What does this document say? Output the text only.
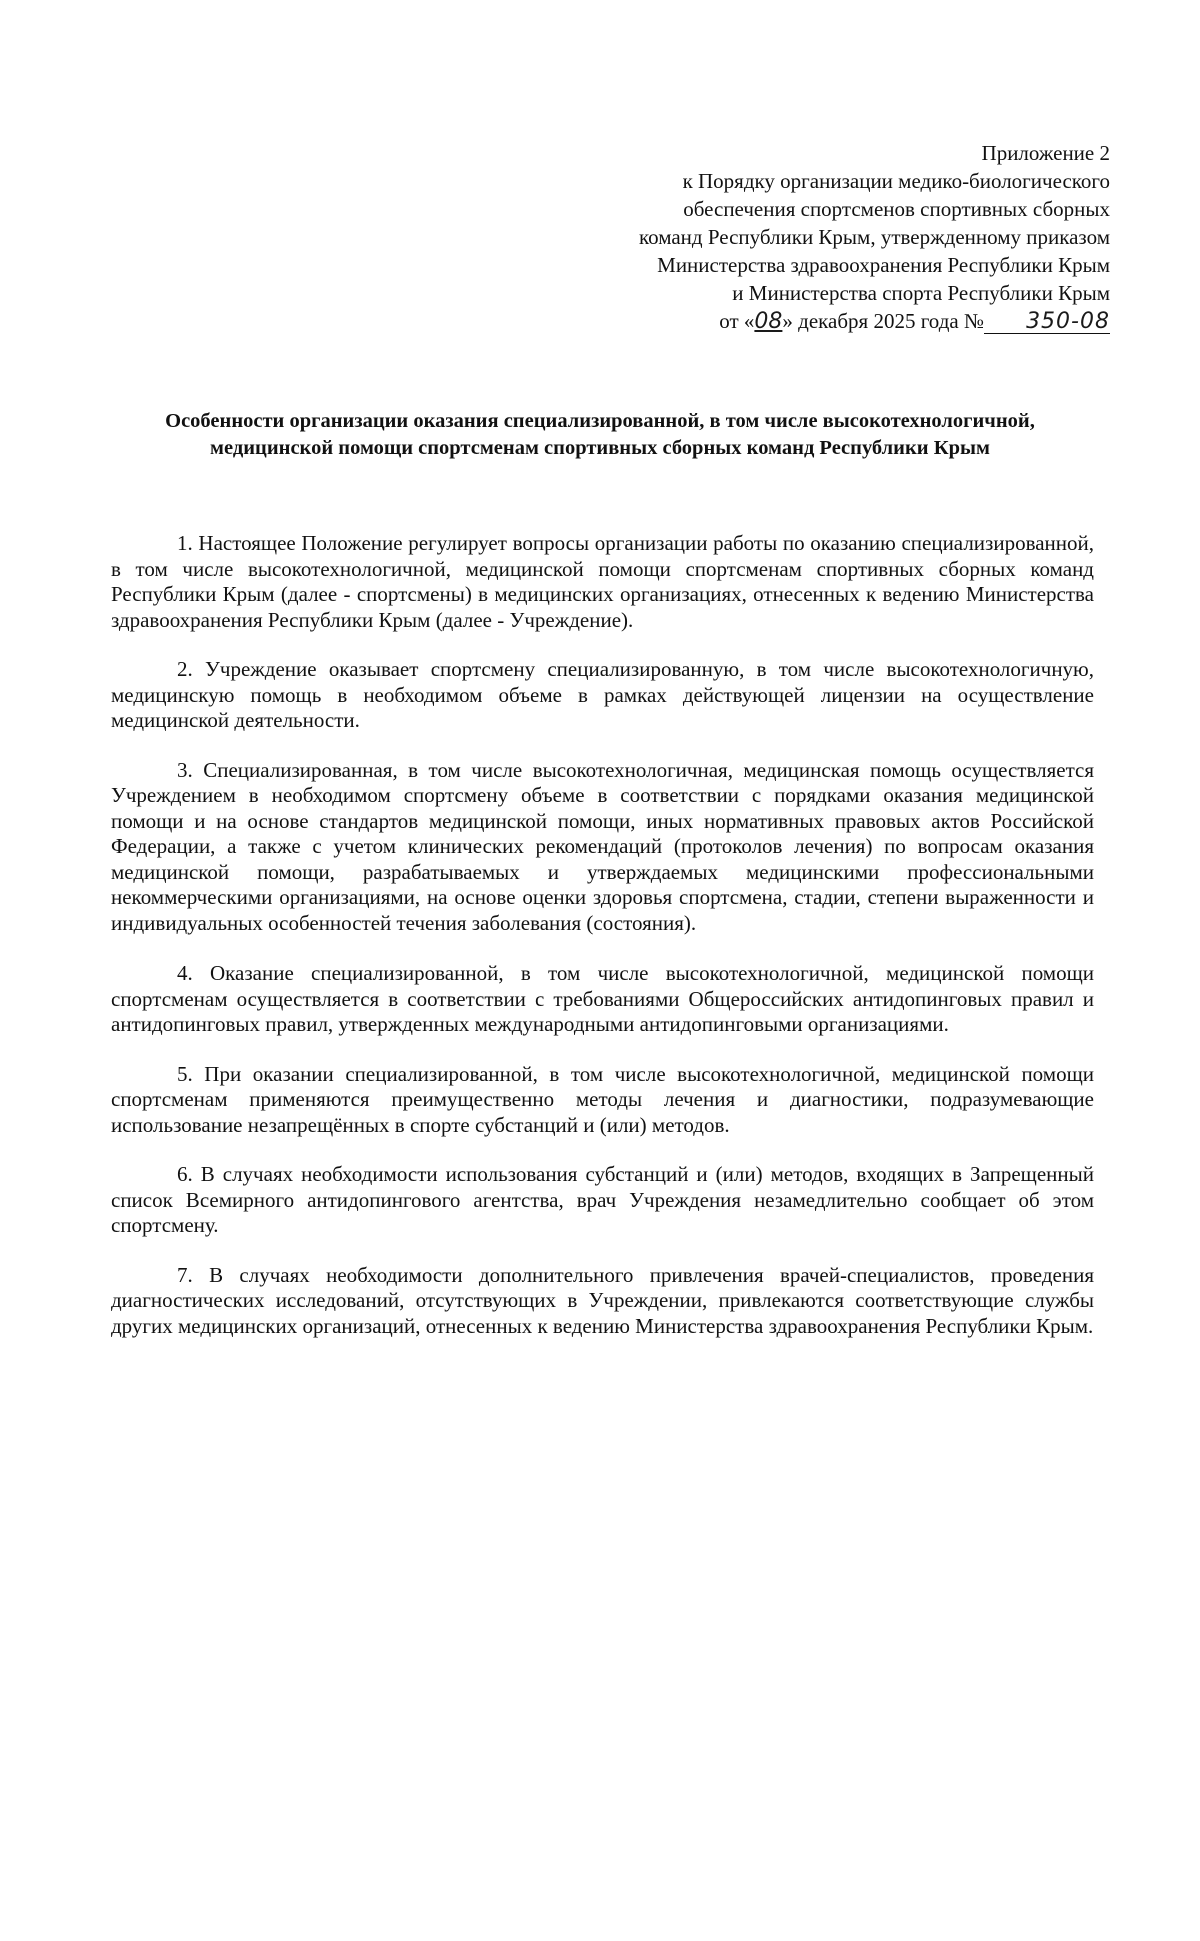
Приложение 2
к Порядку организации медико-биологического
обеспечения спортсменов спортивных сборных
команд Республики Крым, утвержденному приказом
Министерства здравоохранения Республики Крым
и Министерства спорта Республики Крым
от «08» декабря 2025 года № 350-08
Особенности организации оказания специализированной, в том числе высокотехнологичной,
медицинской помощи спортсменам спортивных сборных команд Республики Крым

1. Настоящее Положение регулирует вопросы организации работы по оказанию специализированной, в том числе высокотехнологичной, медицинской помощи спортсменам спортивных сборных команд Республики Крым (далее - спортсмены) в медицинских организациях, отнесенных к ведению Министерства здравоохранения Республики Крым (далее - Учреждение).

2. Учреждение оказывает спортсмену специализированную, в том числе высокотехнологичную, медицинскую помощь в необходимом объеме в рамках действующей лицензии на осуществление медицинской деятельности.

3. Специализированная, в том числе высокотехнологичная, медицинская помощь осуществляется Учреждением в необходимом спортсмену объеме в соответствии с порядками оказания медицинской помощи и на основе стандартов медицинской помощи, иных нормативных правовых актов Российской Федерации, а также с учетом клинических рекомендаций (протоколов лечения) по вопросам оказания медицинской помощи, разрабатываемых и утверждаемых медицинскими профессиональными некоммерческими организациями, на основе оценки здоровья спортсмена, стадии, степени выраженности и индивидуальных особенностей течения заболевания (состояния).

4. Оказание специализированной, в том числе высокотехнологичной, медицинской помощи спортсменам осуществляется в соответствии с требованиями Общероссийских антидопинговых правил и антидопинговых правил, утвержденных международными антидопинговыми организациями.

5. При оказании специализированной, в том числе высокотехнологичной, медицинской помощи спортсменам применяются преимущественно методы лечения и диагностики, подразумевающие использование незапрещённых в спорте субстанций и (или) методов.

6. В случаях необходимости использования субстанций и (или) методов, входящих в Запрещенный список Всемирного антидопингового агентства, врач Учреждения незамедлительно сообщает об этом спортсмену.

7. В случаях необходимости дополнительного привлечения врачей-специалистов, проведения диагностических исследований, отсутствующих в Учреждении, привлекаются соответствующие службы других медицинских организаций, отнесенных к ведению Министерства здравоохранения Республики Крым.
